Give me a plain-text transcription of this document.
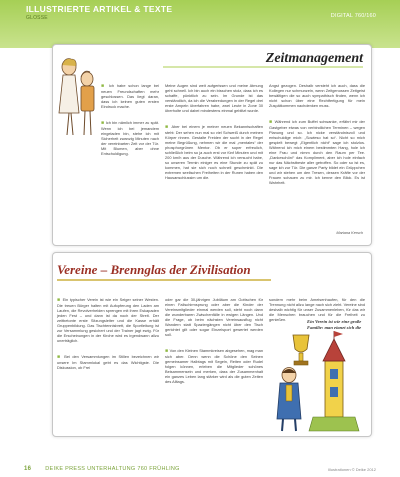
ILLUSTRIERTE ARTIKEL & TEXTE
GLOSSE	DIGITAL 760/160
Zeitmanagement

■ Ich habe schon lange bei neuen Freundschaften mehr geschlossen. Das liegt daran, dass ich keinen guten ersten Eindruck mache.

■ Ich bin nämlich immer zu spät. Wenn ich bei jemandem eingeladen bin, stehe ich mit Sicherheit zwanzig Minuten nach der vereinbarten Zeit vor der Tür. Mit Blumen, aber ohne Entschuldigung.

Meine Augen sind weit aufgerissen und meine Atmung geht schnell. Ich bin auch ein bisschen stolz, dass ich es schaffe, pünktlich zu sein. Im Grunde ist das verständlich, da ich die Verabredungen in der Regel drei erste Ampeln überfahren habe, zwei Leute in Zone 30 überholte und dabei mindestens einmal geblitzt wurde.

■ Aber bei einem je meiner neuen Bekanntschaften steht: Der sehen nun mal so viel Schweiß durch meinen Körper rinnen. Gestalte Freiden der sucht in der Regel meine Begrüßung, nehmen wir die mal „mentales“ der phosphorgrünen Mentor. Ob er super erfreulich, schließlich beim so ja auch erst vor fünf Minuten und mit 200 km/h aus der Dusche. Während ich versucht habe, so unseren Termin einiger es eine Stunde zu spät zu kommen, hat sie sich noch schnell geschminkt. Die extremen seelischen Freiheiten in der Runen haben den Hausanschlussim um die.

Angst gezogen. Deshalb versteht ich auch, dass die Kollegen nur schmunzeln, wenn Zeitgenossen Zeitgeist bewältigen die so auch sympathisch finden, wenn ich nicht schon über eine Rechtfertigung für mein Zuspätkommen nachdenken muss.

■ Während ich zum Buffet schwanke, erfährt mir der Gastgeber etwas von verbindlichen Terminen – wegen Planung und so. Ich nicke verständnisvoll und entschuldige mich: „Sowieso hat so“. Nicht so mich gespielt bewegt „Eigentlich nicht“ sage ich stolzlos. Während ich mich einem bestimmten Hang, hole ich eine Frau und nimm durch den Raum per Tee. „Dankeschön!“ das Kompliment, aber ich hole einfach nur das Nächstbeste aller getroffen. So oder so ist es, sage ich zur Tür. Die ganze Party bildet ein Grüppchen und wir stehen um den Tresen, dessen Kräfte vor der Frauen schauen zu mir. Ich kenne den Blick. Es ist Wahrheit.

Mariana Kersch

Vereine – Brennglas der Zivilisation

■ Ein typischer Verein ist wie ein Seiger seiner Westen. Die treuen Bürger halten mit Aufopferung den Laden am Laufen, die Revolverhelden sprengen mit ihren Eskapaden jeden Fest – und dann ist da noch der Streit. Der zeitbetonte erste Sitzungsleiter und die Kasse erhält Gruppenbildung. Das Tischtennisbrett, die Sportleitung ist zur Versammlung gesichert und der Trainer jagt ewig. Für die Erscheinungen in der Kirche wird es irgendwann allzu unerträglich.

■ Bei den Versammlungen im Stillen bezeichnen wir unsere Im Stammlokal gebt es das Wichtigste. Die Diskussion, ob Frei

oder gar die 30-jährigen Jubiläum am Gottschen für einen Fallschirmsprung oder aber die Kinder der Vereinsmitglieder einmal werden soll, steht noch dann die wunderbaren Zwischenfälle in ewigen Längen. Und die Frage, ob beim nächsten Vereinsausflug nicht Wandern statt Spaziergängen nicht über den Tisch gerichtet gilt oder sogar Einzelsport gewertet werden soll.

■ Von den Kleinen Stammkreisen abgesehen, mag man sich aber. Denn wenn die Schöne den Seinen gemeinsamer Halbtags mit Segeln, Reiten oder Rudel folgen können, erleben die Mitglieder schönes Beisammensein und merken, dass der Zusammenhalt ein ganzes Leben lang stärker wird als die guten Zeiten des Alltags.

sondern mehr beim Ameisenhaufen, für den die Trennung nicht allzu lange nach sich zieht. Vereine sind deshalb wichtig für unser Zusammenleben, für das wir die Menschen brauchen und für die Freiheit zu genießen.

	Ein Verein ist wie eine große Familie: man eignet sich die
16	DEIKE PRESS UNTERHALTUNG 760 FRÜHLING	Illustrationen © Deike 2012
